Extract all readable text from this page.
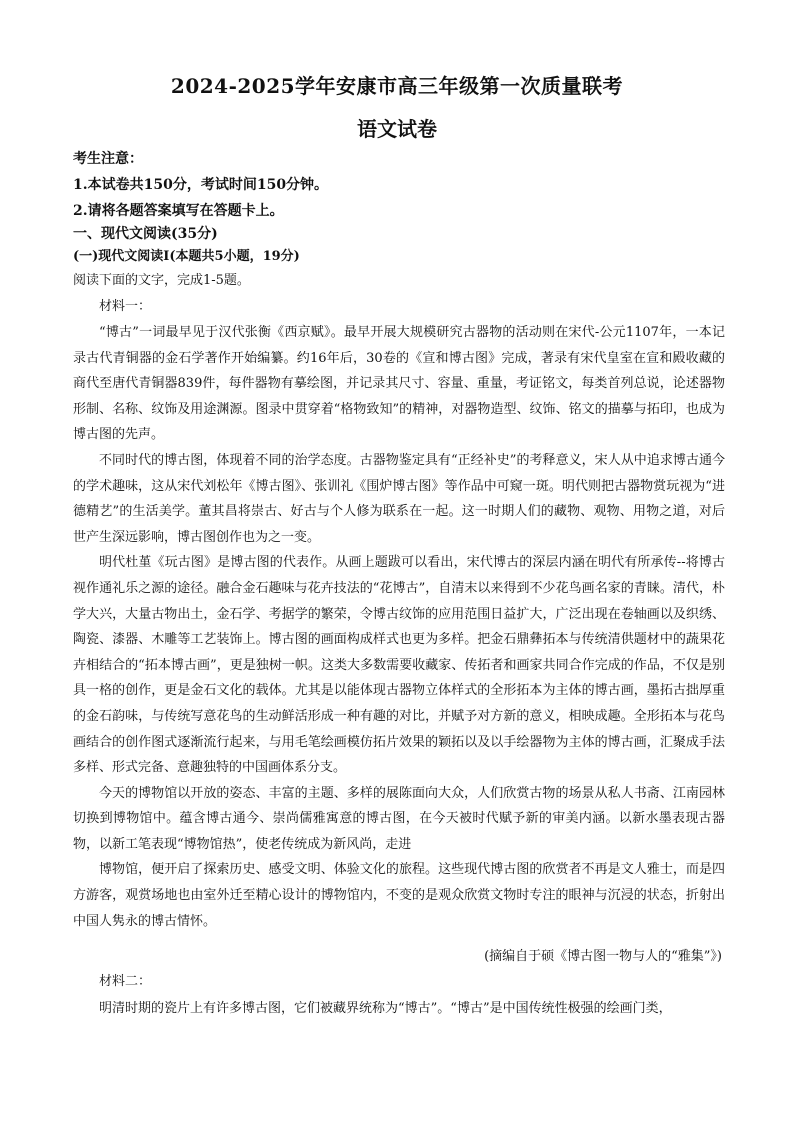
2024-2025学年安康市高三年级第一次质量联考
语文试卷
考生注意：
1.本试卷共150分，考试时间150分钟。
2.请将各题答案填写在答题卡上。
一、现代文阅读(35分)
(一)现代文阅读Ⅰ(本题共5小题，19分)
阅读下面的文字，完成1-5题。
材料一：

“博古”一词最早见于汉代张衡《西京赋》。最早开展大规模研究古器物的活动则在宋代-公元1107年，一本记录古代青铜器的金石学著作开始编纂。约16年后，30卷的《宣和博古图》完成，著录有宋代皇室在宣和殿收藏的商代至唐代青铜器839件，每件器物有摹绘图，并记录其尺寸、容量、重量，考证铭文，每类首列总说，论述器物形制、名称、纹饰及用途渊源。图录中贯穿着“格物致知”的精神，对器物造型、纹饰、铭文的描摹与拓印，也成为博古图的先声。

不同时代的博古图，体现着不同的治学态度。古器物鉴定具有“正经补史”的考释意义，宋人从中追求博古通今的学术趣味，这从宋代刘松年《博古图》、张训礼《围炉博古图》等作品中可窥一斑。明代则把古器物赏玩视为“进德精艺”的生活美学。董其昌将崇古、好古与个人修为联系在一起。这一时期人们的藏物、观物、用物之道，对后世产生深远影响，博古图创作也为之一变。

明代杜堇《玩古图》是博古图的代表作。从画上题跋可以看出，宋代博古的深层内涵在明代有所承传--将博古视作通礼乐之源的途径。融合金石趣味与花卉技法的“花博古”，自清末以来得到不少花鸟画名家的青睐。清代，朴学大兴，大量古物出土，金石学、考据学的繁荣，令博古纹饰的应用范围日益扩大，广泛出现在卷轴画以及织绣、陶瓷、漆器、木雕等工艺装饰上。博古图的画面构成样式也更为多样。把金石鼎彝拓本与传统清供题材中的蔬果花卉相结合的“拓本博古画”，更是独树一帜。这类大多数需要收藏家、传拓者和画家共同合作完成的作品，不仅是别具一格的创作，更是金石文化的载体。尤其是以能体现古器物立体样式的全形拓本为主体的博古画，墨拓古拙厚重的金石韵味，与传统写意花鸟的生动鲜活形成一种有趣的对比，并赋予对方新的意义，相映成趣。全形拓本与花鸟画结合的创作图式逐渐流行起来，与用毛笔绘画模仿拓片效果的颖拓以及以手绘器物为主体的博古画，汇聚成手法多样、形式完备、意趣独特的中国画体系分支。

今天的博物馆以开放的姿态、丰富的主题、多样的展陈面向大众，人们欣赏古物的场景从私人书斋、江南园林切换到博物馆中。蕴含博古通今、崇尚儒雅寓意的博古图，在今天被时代赋予新的审美内涵。以新水墨表现古器物，以新工笔表现“博物馆热”，使老传统成为新风尚，走进

博物馆，便开启了探索历史、感受文明、体验文化的旅程。这些现代博古图的欣赏者不再是文人雅士，而是四方游客，观赏场地也由室外迁至精心设计的博物馆内，不变的是观众欣赏文物时专注的眼神与沉浸的状态，折射出中国人隽永的博古情怀。

(摘编自于硕《博古图一物与人的“雅集”》)
材料二：

明清时期的瓷片上有许多博古图，它们被藏界统称为“博古”。“博古”是中国传统性极强的绘画门类，
